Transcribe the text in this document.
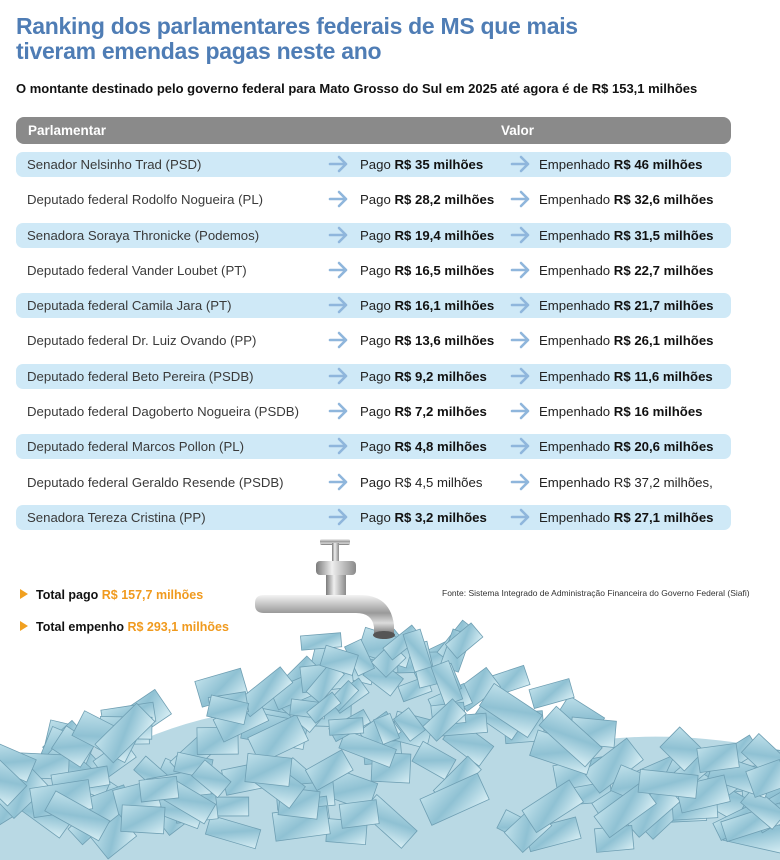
Ranking dos parlamentares federais de MS que mais tiveram emendas pagas neste ano

O montante destinado pelo governo federal para Mato Grosso do Sul em 2025 até agora é de R$ 153,1 milhões

Parlamentar	Valor
Senador Nelsinho Trad (PSD)	Pago R$ 35 milhões	Empenhado R$ 46 milhões
Deputado federal Rodolfo Nogueira (PL)	Pago R$ 28,2 milhões	Empenhado R$ 32,6 milhões
Senadora Soraya Thronicke (Podemos)	Pago R$ 19,4 milhões	Empenhado R$ 31,5 milhões
Deputado federal Vander Loubet (PT)	Pago R$ 16,5 milhões	Empenhado R$ 22,7 milhões
Deputada federal Camila Jara (PT)	Pago R$ 16,1 milhões	Empenhado R$ 21,7 milhões
Deputado federal Dr. Luiz Ovando (PP)	Pago R$ 13,6 milhões	Empenhado R$ 26,1 milhões
Deputado federal Beto Pereira (PSDB)	Pago R$ 9,2 milhões	Empenhado R$ 11,6 milhões
Deputado federal Dagoberto Nogueira (PSDB)	Pago R$ 7,2 milhões	Empenhado R$ 16 milhões
Deputado federal Marcos Pollon (PL)	Pago R$ 4,8 milhões	Empenhado R$ 20,6 milhões
Deputado federal Geraldo Resende (PSDB)	Pago R$ 4,5 milhões	Empenhado R$ 37,2 milhões,
Senadora Tereza Cristina (PP)	Pago R$ 3,2 milhões	Empenhado R$ 27,1 milhões
Total pago R$ 157,7 milhões
Total empenho R$ 293,1 milhões
Fonte: Sistema Integrado de Administração Financeira do Governo Federal (Siafi)
